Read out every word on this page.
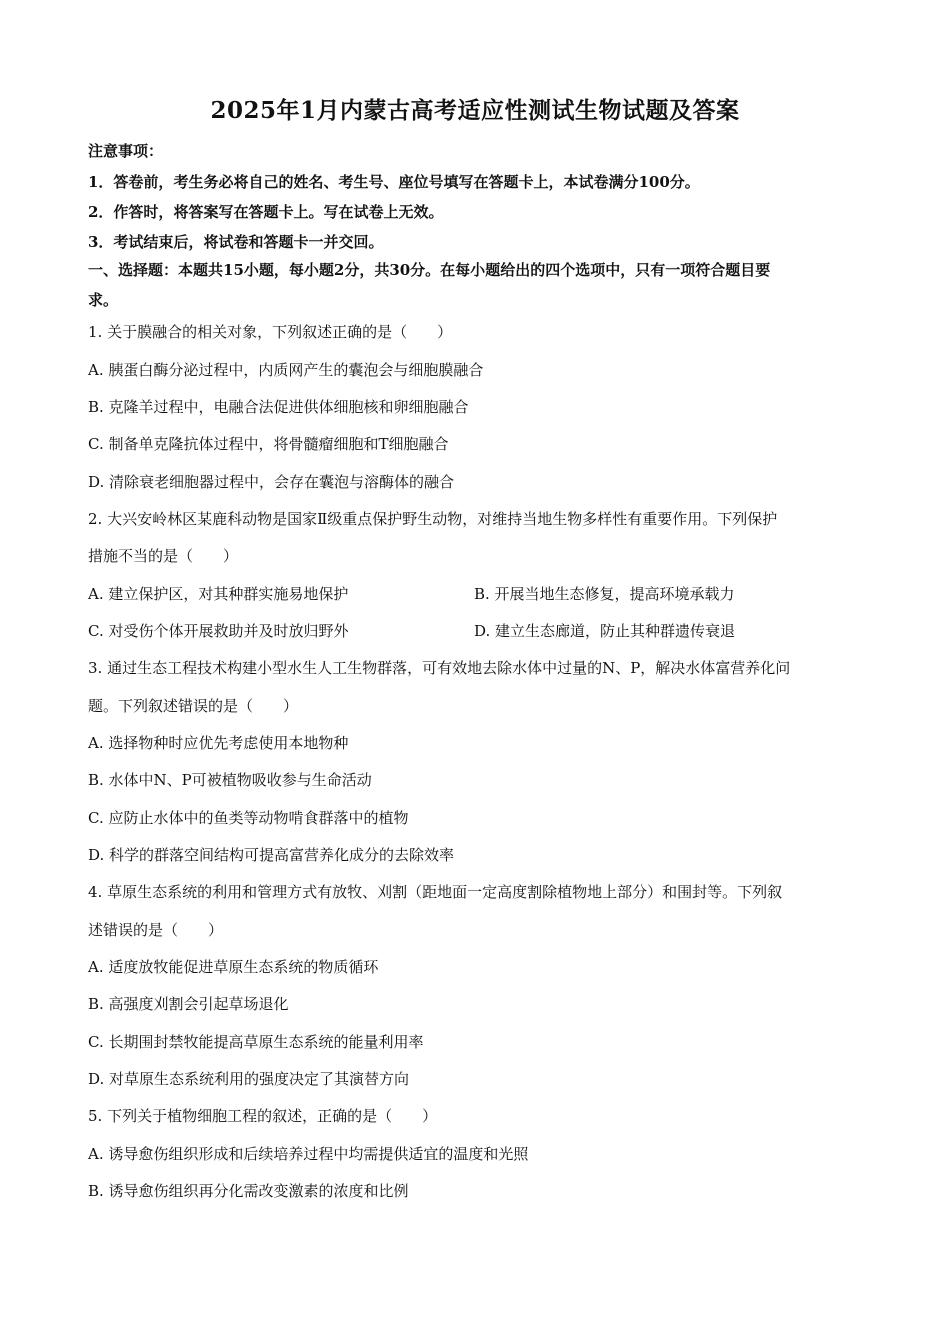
2025年1月内蒙古高考适应性测试生物试题及答案
注意事项：
1．答卷前，考生务必将自己的姓名、考生号、座位号填写在答题卡上，本试卷满分100分。
2．作答时，将答案写在答题卡上。写在试卷上无效。
3．考试结束后，将试卷和答题卡一并交回。
一、选择题：本题共15小题，每小题2分，共30分。在每小题给出的四个选项中，只有一项符合题目要
求。
1. 关于膜融合的相关对象，下列叙述正确的是（　　）
A. 胰蛋白酶分泌过程中，内质网产生的囊泡会与细胞膜融合
B. 克隆羊过程中，电融合法促进供体细胞核和卵细胞融合
C. 制备单克隆抗体过程中，将骨髓瘤细胞和T细胞融合
D. 清除衰老细胞器过程中，会存在囊泡与溶酶体的融合
2. 大兴安岭林区某鹿科动物是国家Ⅱ级重点保护野生动物，对维持当地生物多样性有重要作用。下列保护
措施不当的是（　　）
A. 建立保护区，对其种群实施易地保护	B. 开展当地生态修复，提高环境承载力
C. 对受伤个体开展救助并及时放归野外	D. 建立生态廊道，防止其种群遗传衰退
3. 通过生态工程技术构建小型水生人工生物群落，可有效地去除水体中过量的N、P，解决水体富营养化问
题。下列叙述错误的是（　　）
A. 选择物种时应优先考虑使用本地物种
B. 水体中N、P可被植物吸收参与生命活动
C. 应防止水体中的鱼类等动物啃食群落中的植物
D. 科学的群落空间结构可提高富营养化成分的去除效率
4. 草原生态系统的利用和管理方式有放牧、刈割（距地面一定高度割除植物地上部分）和围封等。下列叙
述错误的是（　　）
A. 适度放牧能促进草原生态系统的物质循环
B. 高强度刈割会引起草场退化
C. 长期围封禁牧能提高草原生态系统的能量利用率
D. 对草原生态系统利用的强度决定了其演替方向
5. 下列关于植物细胞工程的叙述，正确的是（　　）
A. 诱导愈伤组织形成和后续培养过程中均需提供适宜的温度和光照
B. 诱导愈伤组织再分化需改变激素的浓度和比例
